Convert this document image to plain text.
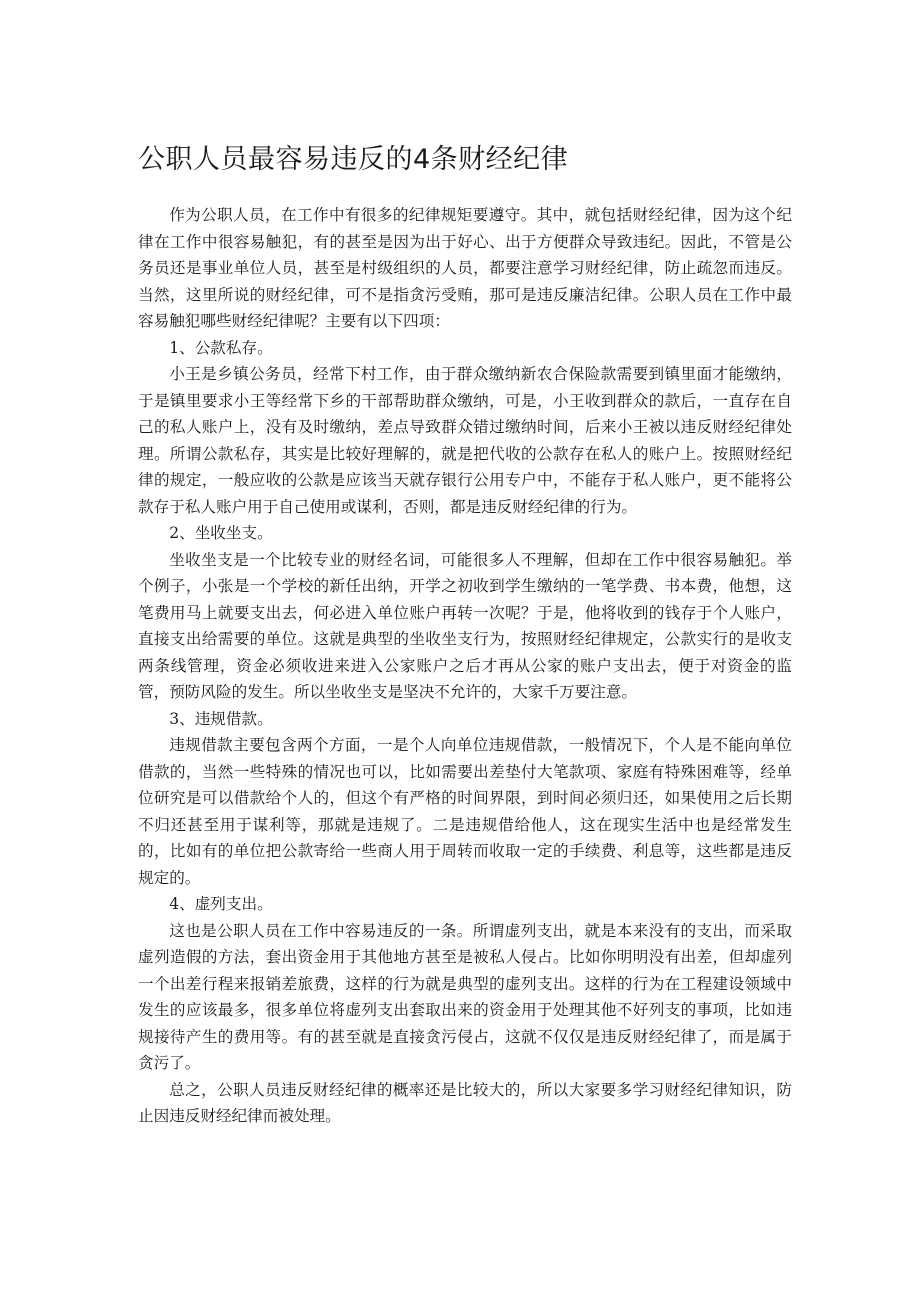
公职人员最容易违反的4条财经纪律

作为公职人员，在工作中有很多的纪律规矩要遵守。其中，就包括财经纪律，因为这个纪律在工作中很容易触犯，有的甚至是因为出于好心、出于方便群众导致违纪。因此，不管是公务员还是事业单位人员，甚至是村级组织的人员，都要注意学习财经纪律，防止疏忽而违反。当然，这里所说的财经纪律，可不是指贪污受贿，那可是违反廉洁纪律。公职人员在工作中最容易触犯哪些财经纪律呢？主要有以下四项：

1、公款私存。

小王是乡镇公务员，经常下村工作，由于群众缴纳新农合保险款需要到镇里面才能缴纳，于是镇里要求小王等经常下乡的干部帮助群众缴纳，可是，小王收到群众的款后，一直存在自己的私人账户上，没有及时缴纳，差点导致群众错过缴纳时间，后来小王被以违反财经纪律处理。所谓公款私存，其实是比较好理解的，就是把代收的公款存在私人的账户上。按照财经纪律的规定，一般应收的公款是应该当天就存银行公用专户中，不能存于私人账户，更不能将公款存于私人账户用于自己使用或谋利，否则，都是违反财经纪律的行为。

2、坐收坐支。

坐收坐支是一个比较专业的财经名词，可能很多人不理解，但却在工作中很容易触犯。举个例子，小张是一个学校的新任出纳，开学之初收到学生缴纳的一笔学费、书本费，他想，这笔费用马上就要支出去，何必进入单位账户再转一次呢？于是，他将收到的钱存于个人账户，直接支出给需要的单位。这就是典型的坐收坐支行为，按照财经纪律规定，公款实行的是收支两条线管理，资金必须收进来进入公家账户之后才再从公家的账户支出去，便于对资金的监管，预防风险的发生。所以坐收坐支是坚决不允许的，大家千万要注意。

3、违规借款。

违规借款主要包含两个方面，一是个人向单位违规借款，一般情况下，个人是不能向单位借款的，当然一些特殊的情况也可以，比如需要出差垫付大笔款项、家庭有特殊困难等，经单位研究是可以借款给个人的，但这个有严格的时间界限，到时间必须归还，如果使用之后长期不归还甚至用于谋利等，那就是违规了。二是违规借给他人，这在现实生活中也是经常发生的，比如有的单位把公款寄给一些商人用于周转而收取一定的手续费、利息等，这些都是违反规定的。

4、虚列支出。

这也是公职人员在工作中容易违反的一条。所谓虚列支出，就是本来没有的支出，而采取虚列造假的方法，套出资金用于其他地方甚至是被私人侵占。比如你明明没有出差，但却虚列一个出差行程来报销差旅费，这样的行为就是典型的虚列支出。这样的行为在工程建设领域中发生的应该最多，很多单位将虚列支出套取出来的资金用于处理其他不好列支的事项，比如违规接待产生的费用等。有的甚至就是直接贪污侵占，这就不仅仅是违反财经纪律了，而是属于贪污了。

总之，公职人员违反财经纪律的概率还是比较大的，所以大家要多学习财经纪律知识，防止因违反财经纪律而被处理。
